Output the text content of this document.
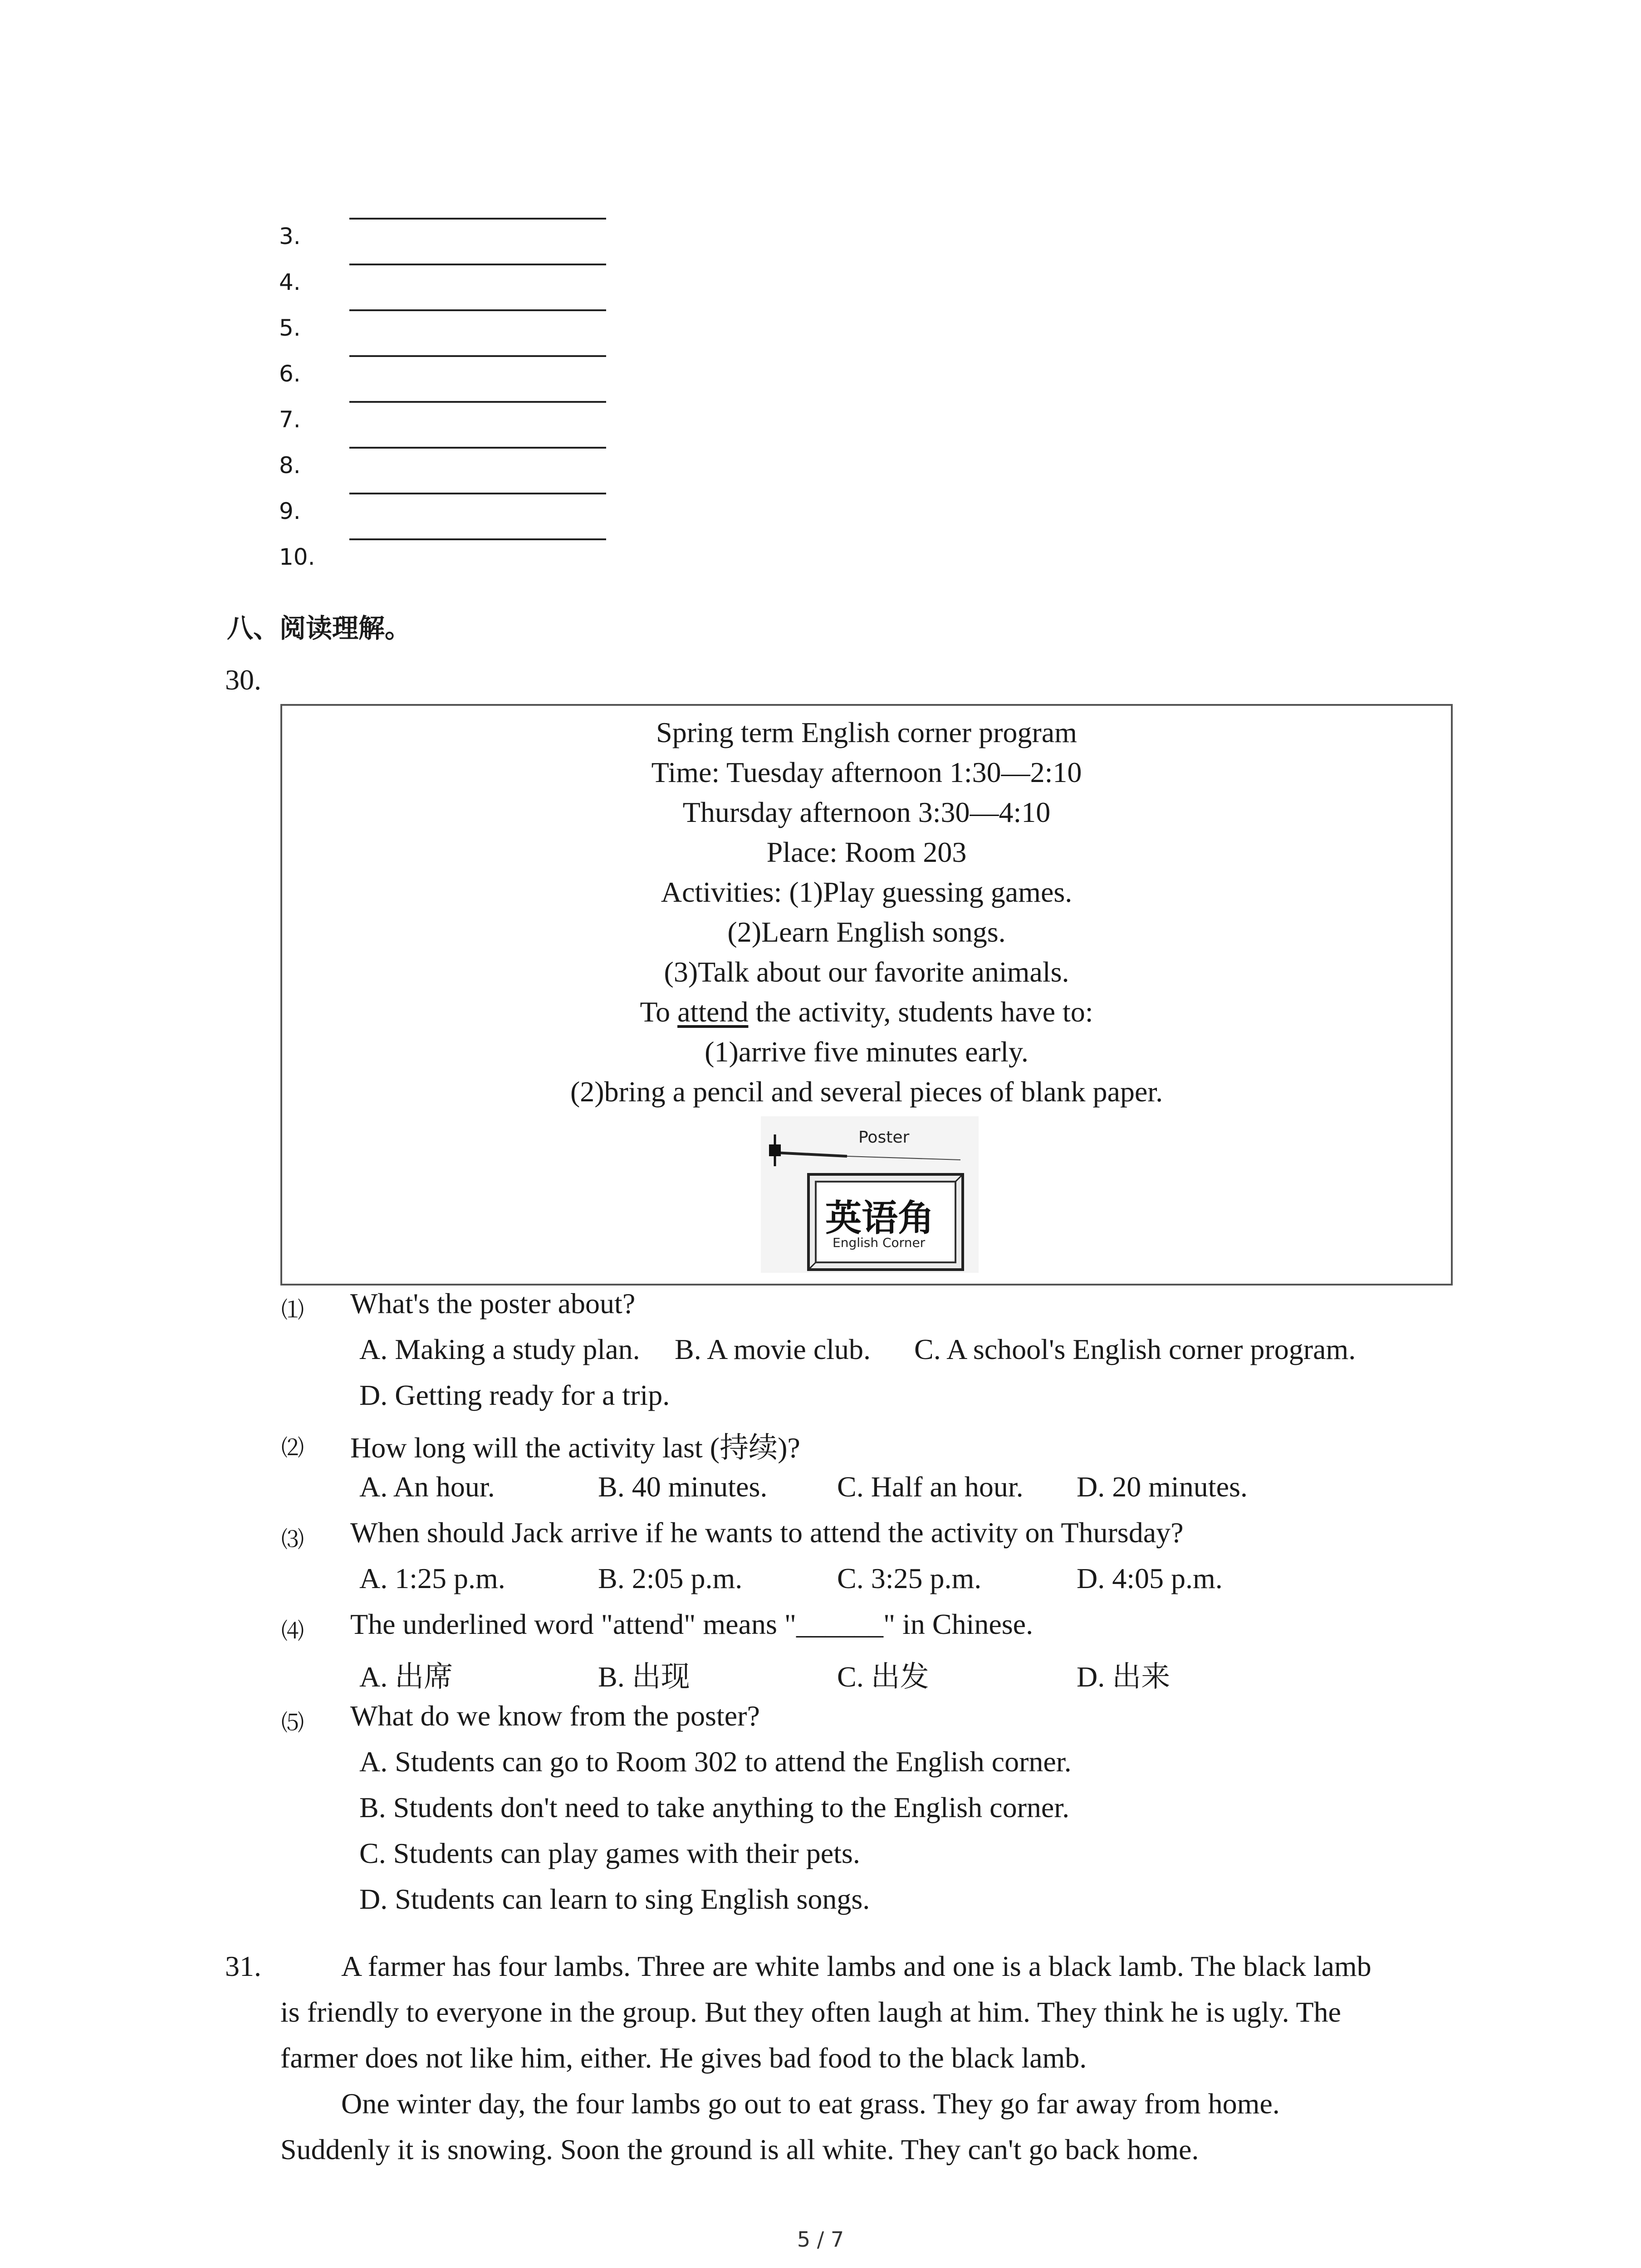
3.
4.
5.
6.
7.
8.
9.
10.
八、阅读理解。
30.
Spring term English corner program
Time: Tuesday afternoon 1:30—2:10
Thursday afternoon 3:30—4:10
Place: Room 203
Activities: (1)Play guessing games.
(2)Learn English songs.
(3)Talk about our favorite animals.
To attend the activity, students have to:
(1)arrive five minutes early.
(2)bring a pencil and several pieces of blank paper.
Poster
英语角
English Corner
⑴ What's the poster about?
A. Making a study plan. B. A movie club. C. A school's English corner program.
D. Getting ready for a trip.
⑵ How long will the activity last (持续)?
A. An hour.	B. 40 minutes. C. Half an hour. D. 20 minutes.
⑶ When should Jack arrive if he wants to attend the activity on Thursday?
A. 1:25 p.m.	B. 2:05 p.m.	C. 3:25 p.m.	D. 4:05 p.m.
⑷ The underlined word "attend" means "______" in Chinese.
A. 出席	B. 出现	C. 出发	D. 出来
⑸ What do we know from the poster?
A. Students can go to Room 302 to attend the English corner.
B. Students don't need to take anything to the English corner.
C. Students can play games with their pets.
D. Students can learn to sing English songs.
31.	A farmer has four lambs. Three are white lambs and one is a black lamb. The black lamb
is friendly to everyone in the group. But they often laugh at him. They think he is ugly. The
farmer does not like him, either. He gives bad food to the black lamb.
One winter day, the four lambs go out to eat grass. They go far away from home.
Suddenly it is snowing. Soon the ground is all white. They can't go back home.
5 / 7
